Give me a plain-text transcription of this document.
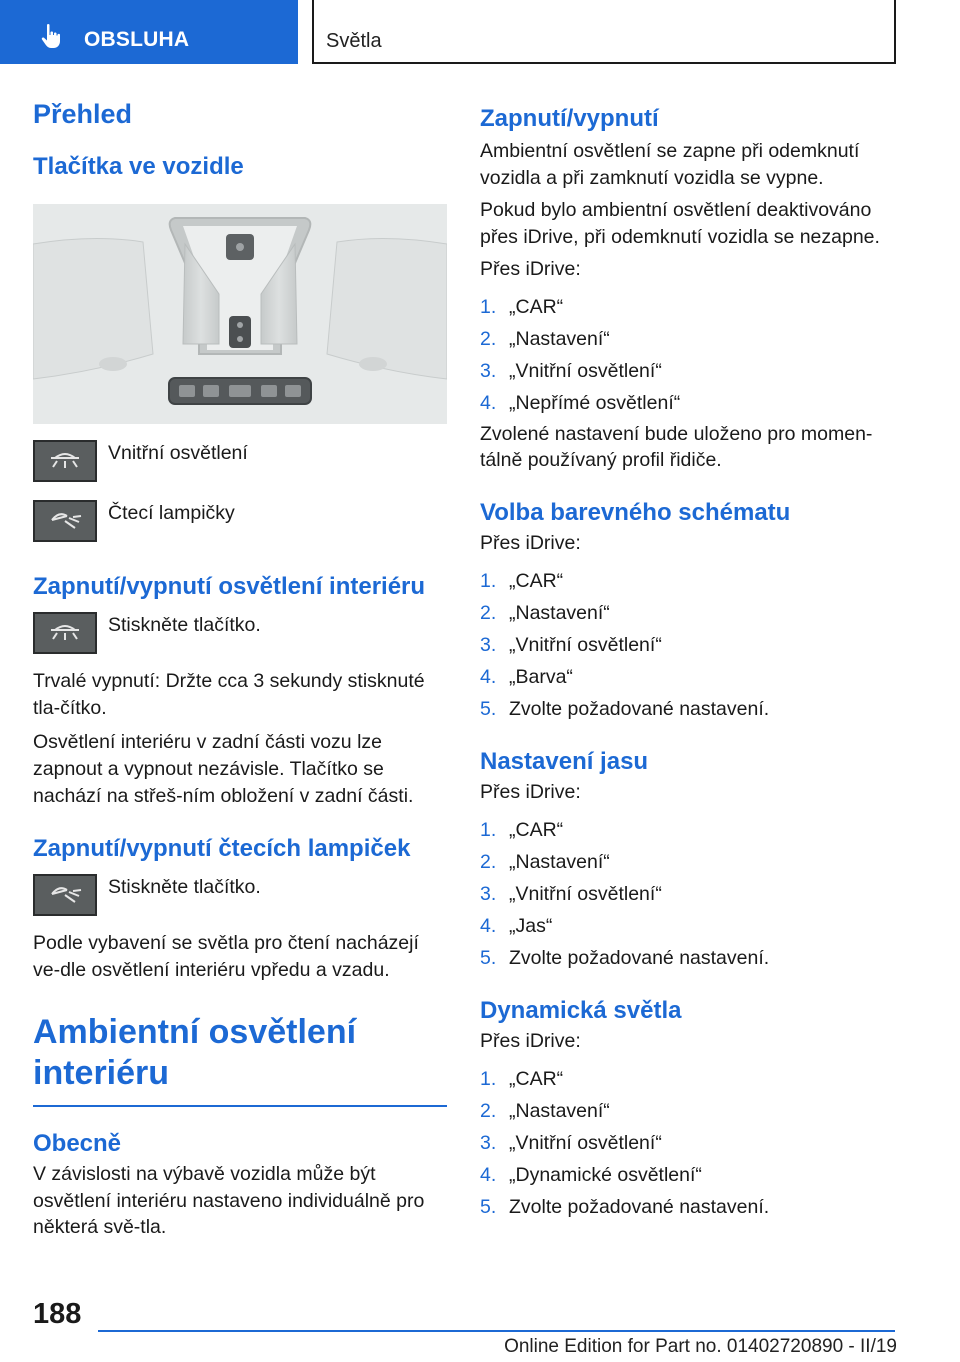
OBSLUHA	Světla
Přehled
Tlačítka ve vozidle
Vnitřní osvětlení
Čtecí lampičky
Zapnutí/vypnutí osvětlení interiéru
Stiskněte tlačítko.

Trvalé vypnutí: Držte cca 3 sekundy stisknuté tla‐čítko.

Osvětlení interiéru v zadní části vozu lze zapnout a vypnout nezávisle. Tlačítko se nachází na střeš‐ním obložení v zadní části.

Zapnutí/vypnutí čtecích lampiček
Stiskněte tlačítko.

Podle vybavení se světla pro čtení nacházejí ve‐dle osvětlení interiéru vpředu a vzadu.

Ambientní osvětlení interiéru
Obecně

V závislosti na výbavě vozidla může být osvětlení interiéru nastaveno individuálně pro některá svě‐tla.

Zapnutí/vypnutí

Ambientní osvětlení se zapne při odemknutí vozidla a při zamknutí vozidla se vypne.

Pokud bylo ambientní osvětlení deaktivováno přes iDrive, při odemknutí vozidla se nezapne.

Přes iDrive:

1. „CAR“
2. „Nastavení“
3. „Vnitřní osvětlení“
4. „Nepřímé osvětlení“

Zvolené nastavení bude uloženo pro momen‐tálně používaný profil řidiče.

Volba barevného schématu

Přes iDrive:

1. „CAR“
2. „Nastavení“
3. „Vnitřní osvětlení“
4. „Barva“
5. Zvolte požadované nastavení.
Nastavení jasu

Přes iDrive:

1. „CAR“
2. „Nastavení“
3. „Vnitřní osvětlení“
4. „Jas“
5. Zvolte požadované nastavení.
Dynamická světla

Přes iDrive:

1. „CAR“
2. „Nastavení“
3. „Vnitřní osvětlení“
4. „Dynamické osvětlení“
5. Zvolte požadované nastavení.
188
Online Edition for Part no. 01402720890 - II/19
